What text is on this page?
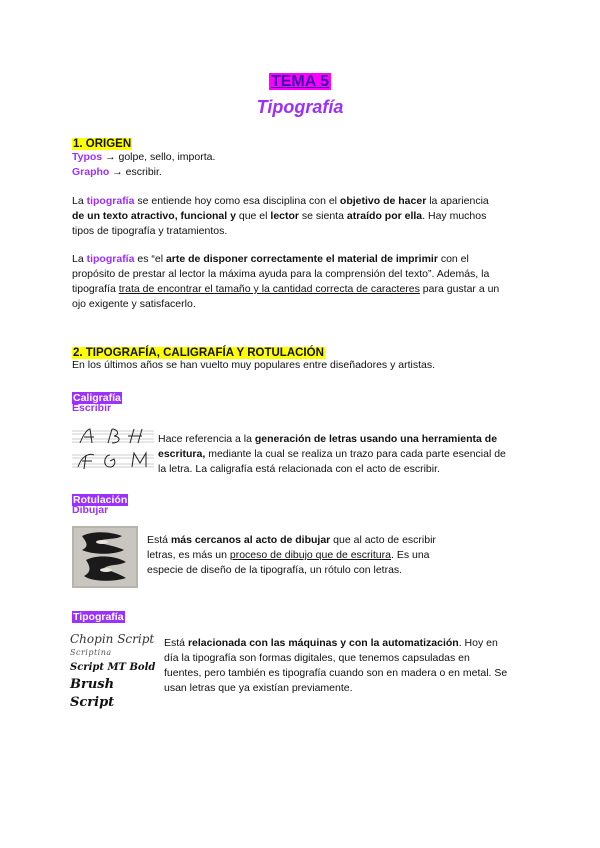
TEMA 5
Tipografía
1. ORIGEN
Typos → golpe, sello, importa.
Grapho → escribir.
La tipografía se entiende hoy como esa disciplina con el objetivo de hacer la apariencia
de un texto atractivo, funcional y que el lector se sienta atraído por ella. Hay muchos
tipos de tipografía y tratamientos.
La tipografía es “el arte de disponer correctamente el material de imprimir con el
propósito de prestar al lector la máxima ayuda para la comprensión del texto”. Además, la
tipografía trata de encontrar el tamaño y la cantidad correcta de caracteres para gustar a un
ojo exigente y satisfacerlo.
2. TIPOGRAFÍA, CALIGRAFÍA Y ROTULACIÓN
En los últimos años se han vuelto muy populares entre diseñadores y artistas.
Caligrafía
Escribir
Hace referencia a la generación de letras usando una herramienta de
escritura, mediante la cual se realiza un trazo para cada parte esencial de
la letra. La caligrafía está relacionada con el acto de escribir.
Rotulación
Dibujar
Está más cercanos al acto de dibujar que al acto de escribir
letras, es más un proceso de dibujo que de escritura. Es una
especie de diseño de la tipografía, un rótulo con letras.
Tipografía
Chopin Script
Scriptina
Script MT Bold
Brush Script
Está relacionada con las máquinas y con la automatización. Hoy en
día la tipografía son formas digitales, que tenemos capsuladas en
fuentes, pero también es tipografía cuando son en madera o en metal. Se
usan letras que ya existían previamente.
